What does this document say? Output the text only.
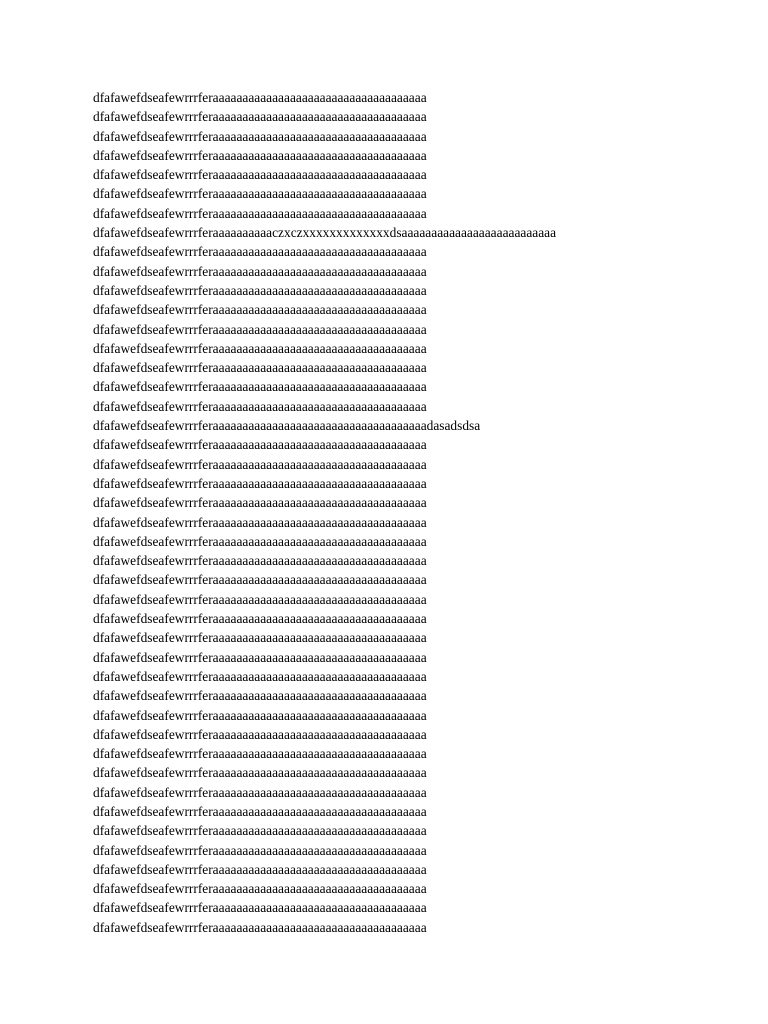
dfafawefdseafewrrrferaaaaaaaaaaaaaaaaaaaaaaaaaaaaaaaaaaaa

dfafawefdseafewrrrferaaaaaaaaaaaaaaaaaaaaaaaaaaaaaaaaaaaa

dfafawefdseafewrrrferaaaaaaaaaaaaaaaaaaaaaaaaaaaaaaaaaaaa

dfafawefdseafewrrrferaaaaaaaaaaaaaaaaaaaaaaaaaaaaaaaaaaaa

dfafawefdseafewrrrferaaaaaaaaaaaaaaaaaaaaaaaaaaaaaaaaaaaa

dfafawefdseafewrrrferaaaaaaaaaaaaaaaaaaaaaaaaaaaaaaaaaaaa

dfafawefdseafewrrrferaaaaaaaaaaaaaaaaaaaaaaaaaaaaaaaaaaaa

dfafawefdseafewrrrferaaaaaaaaaaczxczxxxxxxxxxxxxxdsaaaaaaaaaaaaaaaaaaaaaaaaaa

dfafawefdseafewrrrferaaaaaaaaaaaaaaaaaaaaaaaaaaaaaaaaaaaa

dfafawefdseafewrrrferaaaaaaaaaaaaaaaaaaaaaaaaaaaaaaaaaaaa

dfafawefdseafewrrrferaaaaaaaaaaaaaaaaaaaaaaaaaaaaaaaaaaaa

dfafawefdseafewrrrferaaaaaaaaaaaaaaaaaaaaaaaaaaaaaaaaaaaa

dfafawefdseafewrrrferaaaaaaaaaaaaaaaaaaaaaaaaaaaaaaaaaaaa

dfafawefdseafewrrrferaaaaaaaaaaaaaaaaaaaaaaaaaaaaaaaaaaaa

dfafawefdseafewrrrferaaaaaaaaaaaaaaaaaaaaaaaaaaaaaaaaaaaa

dfafawefdseafewrrrferaaaaaaaaaaaaaaaaaaaaaaaaaaaaaaaaaaaa

dfafawefdseafewrrrferaaaaaaaaaaaaaaaaaaaaaaaaaaaaaaaaaaaa

dfafawefdseafewrrrferaaaaaaaaaaaaaaaaaaaaaaaaaaaaaaaaaaaadasadsdsa

dfafawefdseafewrrrferaaaaaaaaaaaaaaaaaaaaaaaaaaaaaaaaaaaa

dfafawefdseafewrrrferaaaaaaaaaaaaaaaaaaaaaaaaaaaaaaaaaaaa

dfafawefdseafewrrrferaaaaaaaaaaaaaaaaaaaaaaaaaaaaaaaaaaaa

dfafawefdseafewrrrferaaaaaaaaaaaaaaaaaaaaaaaaaaaaaaaaaaaa

dfafawefdseafewrrrferaaaaaaaaaaaaaaaaaaaaaaaaaaaaaaaaaaaa

dfafawefdseafewrrrferaaaaaaaaaaaaaaaaaaaaaaaaaaaaaaaaaaaa

dfafawefdseafewrrrferaaaaaaaaaaaaaaaaaaaaaaaaaaaaaaaaaaaa

dfafawefdseafewrrrferaaaaaaaaaaaaaaaaaaaaaaaaaaaaaaaaaaaa

dfafawefdseafewrrrferaaaaaaaaaaaaaaaaaaaaaaaaaaaaaaaaaaaa

dfafawefdseafewrrrferaaaaaaaaaaaaaaaaaaaaaaaaaaaaaaaaaaaa

dfafawefdseafewrrrferaaaaaaaaaaaaaaaaaaaaaaaaaaaaaaaaaaaa

dfafawefdseafewrrrferaaaaaaaaaaaaaaaaaaaaaaaaaaaaaaaaaaaa

dfafawefdseafewrrrferaaaaaaaaaaaaaaaaaaaaaaaaaaaaaaaaaaaa

dfafawefdseafewrrrferaaaaaaaaaaaaaaaaaaaaaaaaaaaaaaaaaaaa

dfafawefdseafewrrrferaaaaaaaaaaaaaaaaaaaaaaaaaaaaaaaaaaaa

dfafawefdseafewrrrferaaaaaaaaaaaaaaaaaaaaaaaaaaaaaaaaaaaa

dfafawefdseafewrrrferaaaaaaaaaaaaaaaaaaaaaaaaaaaaaaaaaaaa

dfafawefdseafewrrrferaaaaaaaaaaaaaaaaaaaaaaaaaaaaaaaaaaaa

dfafawefdseafewrrrferaaaaaaaaaaaaaaaaaaaaaaaaaaaaaaaaaaaa

dfafawefdseafewrrrferaaaaaaaaaaaaaaaaaaaaaaaaaaaaaaaaaaaa

dfafawefdseafewrrrferaaaaaaaaaaaaaaaaaaaaaaaaaaaaaaaaaaaa

dfafawefdseafewrrrferaaaaaaaaaaaaaaaaaaaaaaaaaaaaaaaaaaaa

dfafawefdseafewrrrferaaaaaaaaaaaaaaaaaaaaaaaaaaaaaaaaaaaa

dfafawefdseafewrrrferaaaaaaaaaaaaaaaaaaaaaaaaaaaaaaaaaaaa

dfafawefdseafewrrrferaaaaaaaaaaaaaaaaaaaaaaaaaaaaaaaaaaaa

dfafawefdseafewrrrferaaaaaaaaaaaaaaaaaaaaaaaaaaaaaaaaaaaa
